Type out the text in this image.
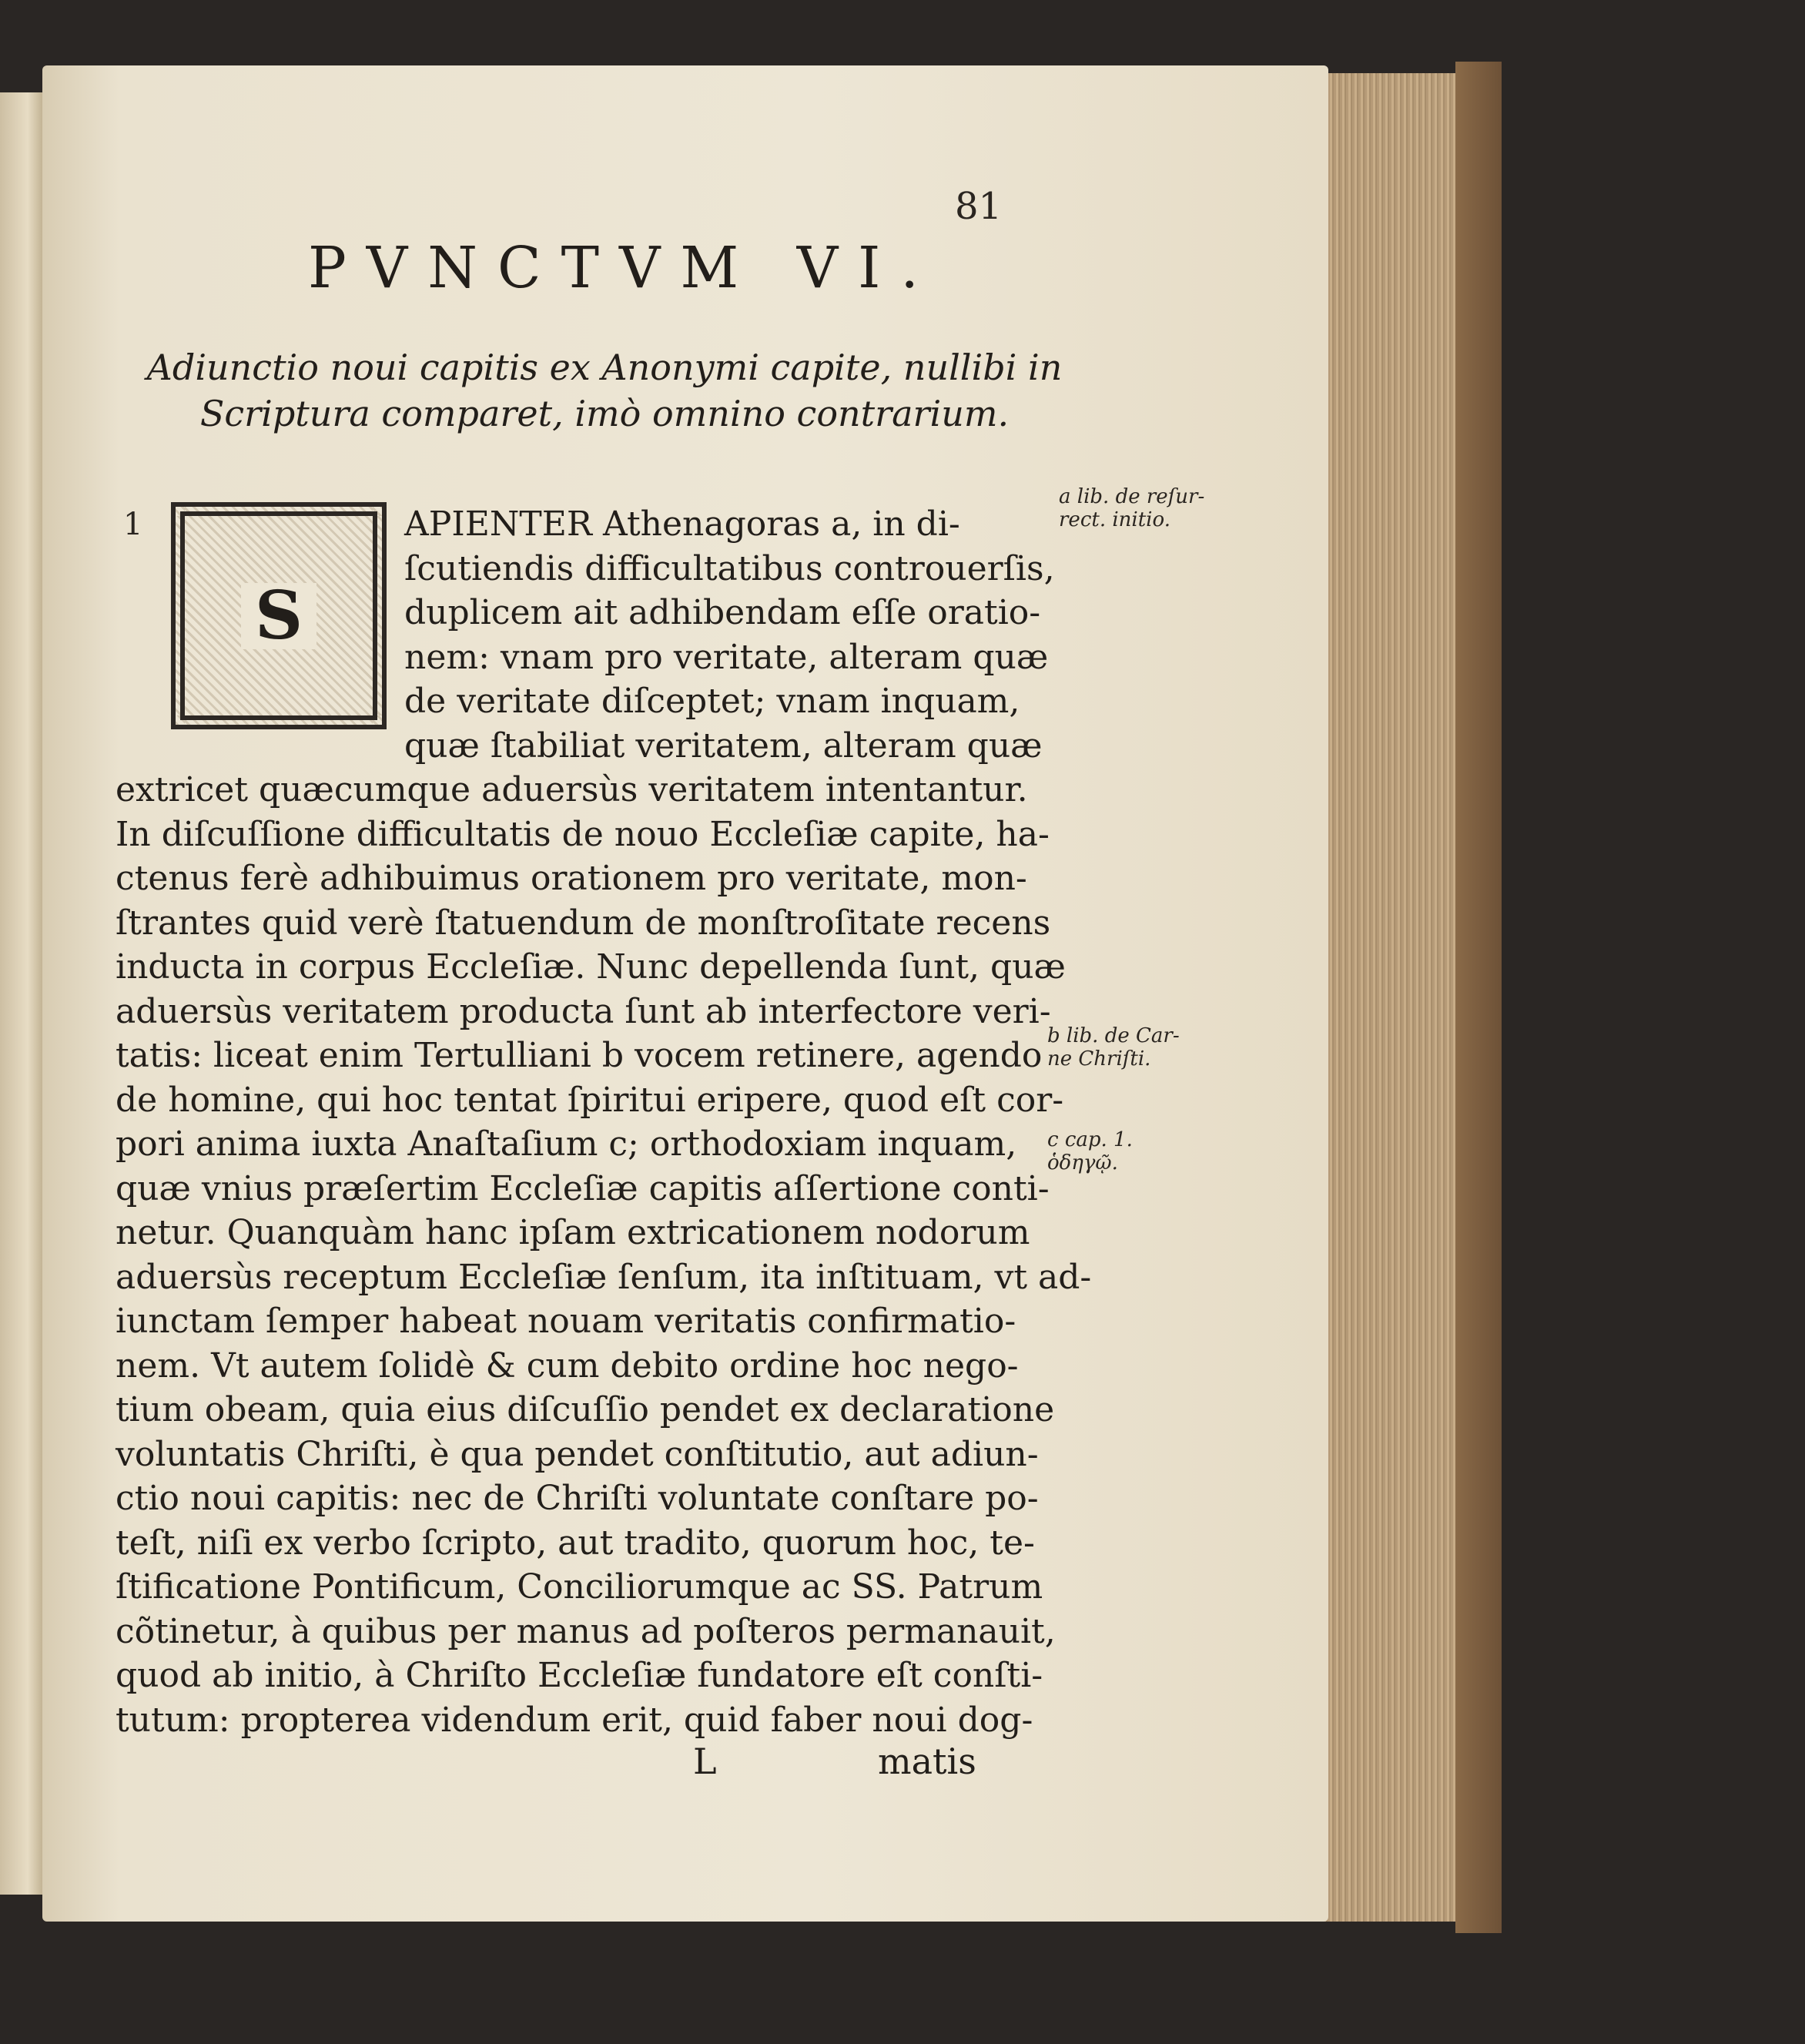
81
PVNCTVM VI.
Adiunctio noui capitis ex Anonymi capite, nullibi in
Scriptura comparet, imò omnino contrarium.
1
S
APIENTER Athenagoras a, in di-
ſcutiendis difficultatibus controuerſis,
duplicem ait adhibendam eſſe oratio-
nem: vnam pro veritate, alteram quæ
de veritate diſceptet; vnam inquam,
quæ ſtabiliat veritatem, alteram quæ
extricet quæcumque aduersùs veritatem intentantur.
In diſcuſſione difficultatis de nouo Eccleſiæ capite, ha-
ctenus ferè adhibuimus orationem pro veritate, mon-
ſtrantes quid verè ſtatuendum de monſtroſitate recens
inducta in corpus Eccleſiæ. Nunc depellenda ſunt, quæ
aduersùs veritatem producta ſunt ab interfectore veri-
tatis: liceat enim Tertulliani b vocem retinere, agendo
de homine, qui hoc tentat ſpiritui eripere, quod eſt cor-
pori anima iuxta Anaſtaſium c; orthodoxiam inquam,
quæ vnius præſertim Eccleſiæ capitis aſſertione conti-
netur. Quanquàm hanc ipſam extricationem nodorum
aduersùs receptum Eccleſiæ ſenſum, ita inſtituam, vt ad-
iunctam ſemper habeat nouam veritatis confirmatio-
nem. Vt autem ſolidè & cum debito ordine hoc nego-
tium obeam, quia eius diſcuſſio pendet ex declaratione
voluntatis Chriſti, è qua pendet conſtitutio, aut adiun-
ctio noui capitis: nec de Chriſti voluntate conſtare po-
teſt, niſi ex verbo ſcripto, aut tradito, quorum hoc, te-
ſtificatione Pontificum, Conciliorumque ac SS. Patrum
cõtinetur, à quibus per manus ad poſteros permanauit,
quod ab initio, à Chriſto Eccleſiæ fundatore eſt conſti-
tutum: propterea videndum erit, quid faber noui dog-
a lib. de reſur-
rect. initio.
b lib. de Car-
ne Chriſti.
c cap. 1.
ὁδηγῷ.
L	matis
